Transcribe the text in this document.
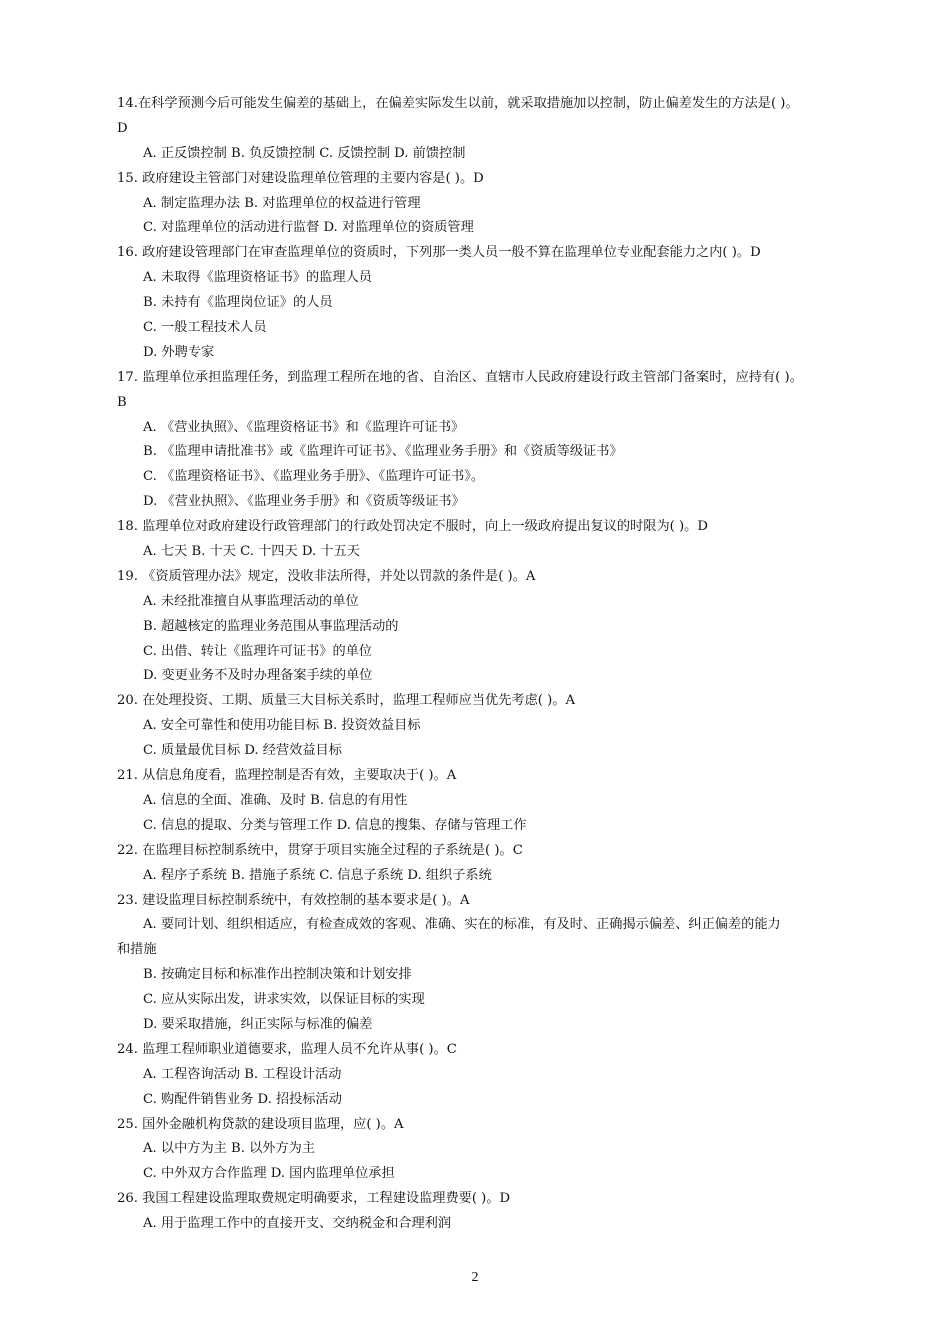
14.在科学预测今后可能发生偏差的基础上，在偏差实际发生以前，就采取措施加以控制，防止偏差发生的方法是( )。
D
A. 正反馈控制 B. 负反馈控制 C. 反馈控制 D. 前馈控制
15. 政府建设主管部门对建设监理单位管理的主要内容是( )。D
A. 制定监理办法 B. 对监理单位的权益进行管理
C. 对监理单位的活动进行监督 D. 对监理单位的资质管理
16. 政府建设管理部门在审查监理单位的资质时，下列那一类人员一般不算在监理单位专业配套能力之内( )。D
A. 未取得《监理资格证书》的监理人员
B. 未持有《监理岗位证》的人员
C. 一般工程技术人员
D. 外聘专家
17. 监理单位承担监理任务，到监理工程所在地的省、自治区、直辖市人民政府建设行政主管部门备案时，应持有( )。
B
A. 《营业执照》、《监理资格证书》和《监理许可证书》
B. 《监理申请批准书》或《监理许可证书》、《监理业务手册》和《资质等级证书》
C. 《监理资格证书》、《监理业务手册》、《监理许可证书》。
D. 《营业执照》、《监理业务手册》和《资质等级证书》
18. 监理单位对政府建设行政管理部门的行政处罚决定不服时，向上一级政府提出复议的时限为( )。D
A. 七天 B. 十天 C. 十四天 D. 十五天
19. 《资质管理办法》规定，没收非法所得，并处以罚款的条件是( )。A
A. 未经批准擅自从事监理活动的单位
B. 超越核定的监理业务范围从事监理活动的
C. 出借、转让《监理许可证书》的单位
D. 变更业务不及时办理备案手续的单位
20. 在处理投资、工期、质量三大目标关系时，监理工程师应当优先考虑( )。A
A. 安全可靠性和使用功能目标 B. 投资效益目标
C. 质量最优目标 D. 经营效益目标
21. 从信息角度看，监理控制是否有效，主要取决于( )。A
A. 信息的全面、准确、及时 B. 信息的有用性
C. 信息的提取、分类与管理工作 D. 信息的搜集、存储与管理工作
22. 在监理目标控制系统中，贯穿于项目实施全过程的子系统是( )。C
A. 程序子系统 B. 措施子系统 C. 信息子系统 D. 组织子系统
23. 建设监理目标控制系统中，有效控制的基本要求是( )。A
A. 要同计划、组织相适应，有检查成效的客观、准确、实在的标准，有及时、正确揭示偏差、纠正偏差的能力
和措施
B. 按确定目标和标准作出控制决策和计划安排
C. 应从实际出发，讲求实效，以保证目标的实现
D. 要采取措施，纠正实际与标准的偏差
24. 监理工程师职业道德要求，监理人员不允许从事( )。C
A. 工程咨询活动 B. 工程设计活动
C. 购配件销售业务 D. 招投标活动
25. 国外金融机构贷款的建设项目监理，应( )。A
A. 以中方为主 B. 以外方为主
C. 中外双方合作监理 D. 国内监理单位承担
26. 我国工程建设监理取费规定明确要求，工程建设监理费要( )。D
A. 用于监理工作中的直接开支、交纳税金和合理利润
2
